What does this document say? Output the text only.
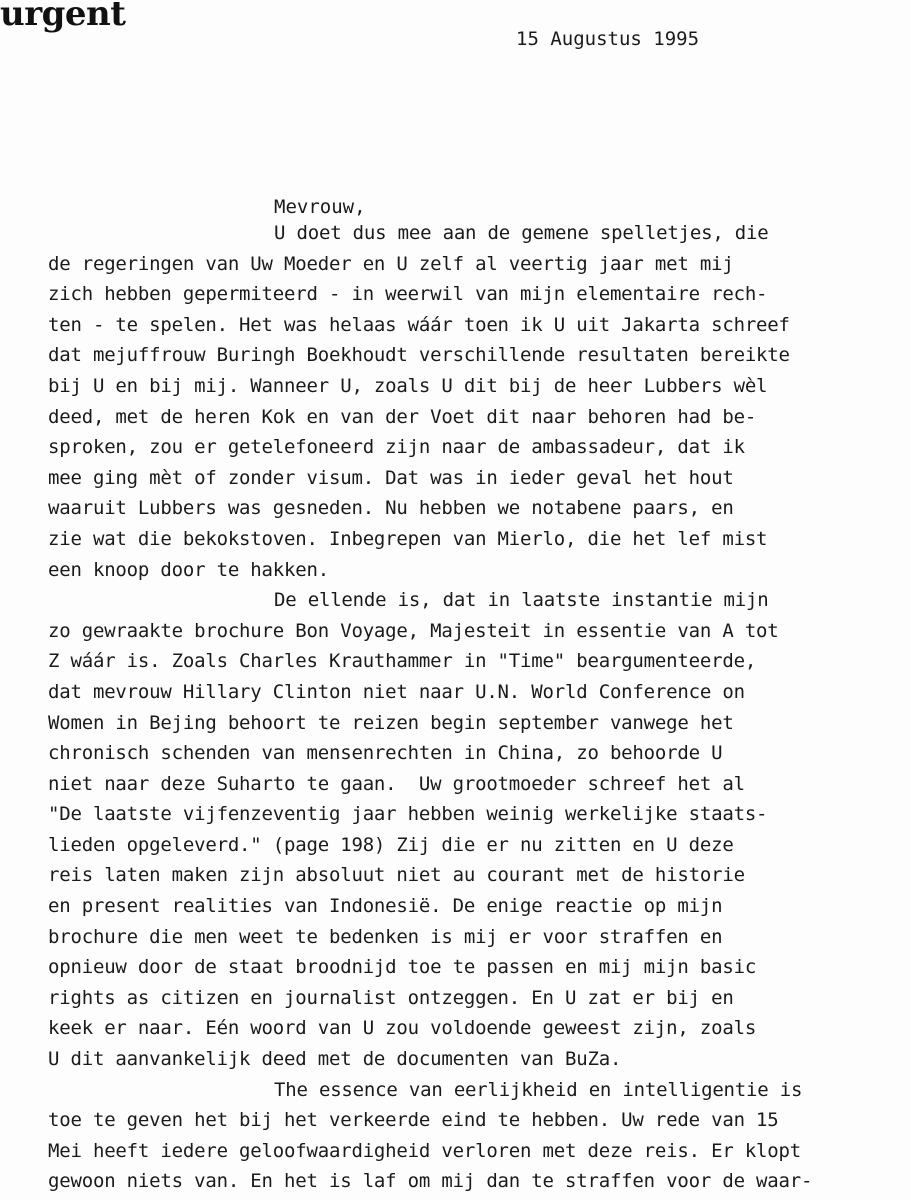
urgent
15 Augustus 1995
Mevrouw,
U doet dus mee aan de gemene spelletjes, die
de regeringen van Uw Moeder en U zelf al veertig jaar met mij
zich hebben gepermiteerd - in weerwil van mijn elementaire rech-
ten - te spelen. Het was helaas wáár toen ik U uit Jakarta schreef
dat mejuffrouw Buringh Boekhoudt verschillende resultaten bereikte
bij U en bij mij. Wanneer U, zoals U dit bij de heer Lubbers wèl
deed, met de heren Kok en van der Voet dit naar behoren had be-
sproken, zou er getelefoneerd zijn naar de ambassadeur, dat ik
mee ging mèt of zonder visum. Dat was in ieder geval het hout
waaruit Lubbers was gesneden. Nu hebben we notabene paars, en
zie wat die bekokstoven. Inbegrepen van Mierlo, die het lef mist
een knoop door te hakken.
De ellende is, dat in laatste instantie mijn
zo gewraakte brochure Bon Voyage, Majesteit in essentie van A tot
Z wáár is. Zoals Charles Krauthammer in "Time" beargumenteerde,
dat mevrouw Hillary Clinton niet naar U.N. World Conference on
Women in Bejing behoort te reizen begin september vanwege het
chronisch schenden van mensenrechten in China, zo behoorde U
niet naar deze Suharto te gaan.  Uw grootmoeder schreef het al
"De laatste vijfenzeventig jaar hebben weinig werkelijke staats-
lieden opgeleverd." (page 198) Zij die er nu zitten en U deze
reis laten maken zijn absoluut niet au courant met de historie
en present realities van Indonesië. De enige reactie op mijn
brochure die men weet te bedenken is mij er voor straffen en
opnieuw door de staat broodnijd toe te passen en mij mijn basic
rights as citizen en journalist ontzeggen. En U zat er bij en
keek er naar. Eén woord van U zou voldoende geweest zijn, zoals
U dit aanvankelijk deed met de documenten van BuZa.
The essence van eerlijkheid en intelligentie is
toe te geven het bij het verkeerde eind te hebben. Uw rede van 15
Mei heeft iedere geloofwaardigheid verloren met deze reis. Er klopt
gewoon niets van. En het is laf om mij dan te straffen voor de waar-
